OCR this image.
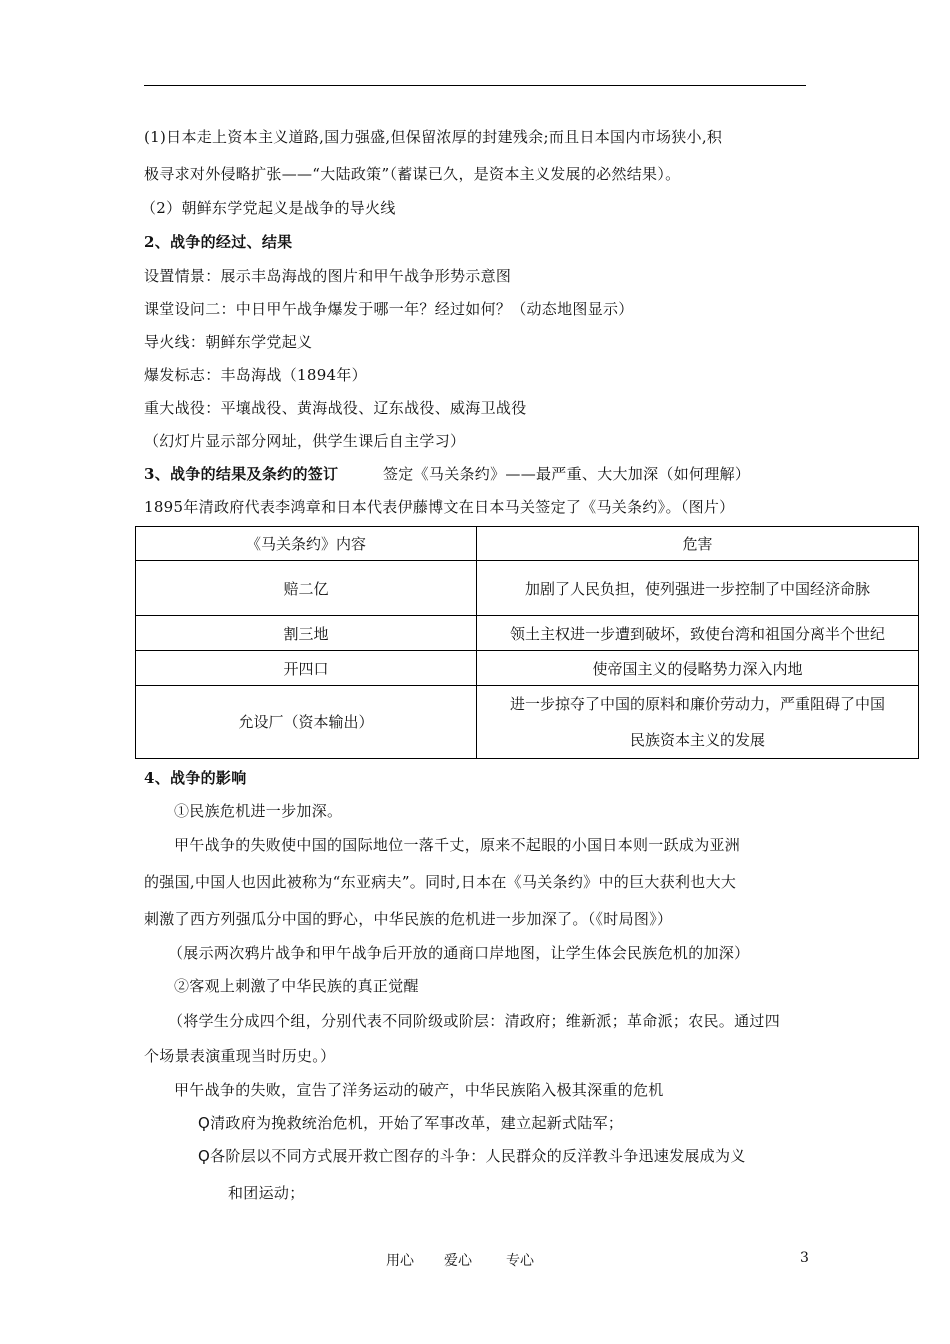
(1)日本走上资本主义道路,国力强盛,但保留浓厚的封建残余;而且日本国内市场狭小,积
极寻求对外侵略扩张——“大陆政策”（蓄谋已久，是资本主义发展的必然结果）。
（2）朝鲜东学党起义是战争的导火线
2、战争的经过、结果
设置情景：展示丰岛海战的图片和甲午战争形势示意图
课堂设问二：中日甲午战争爆发于哪一年？经过如何？（动态地图显示）
导火线：朝鲜东学党起义
爆发标志：丰岛海战（1894年）
重大战役：平壤战役、黄海战役、辽东战役、威海卫战役
（幻灯片显示部分网址，供学生课后自主学习）
3、战争的结果及条约的签订	签定《马关条约》——最严重、大大加深（如何理解）
1895年清政府代表李鸿章和日本代表伊藤博文在日本马关签定了《马关条约》。（图片）
《马关条约》内容	危害
赔二亿	加剧了人民负担，使列强进一步控制了中国经济命脉
割三地	领土主权进一步遭到破坏，致使台湾和祖国分离半个世纪
开四口	使帝国主义的侵略势力深入内地
允设厂（资本输出）	进一步掠夺了中国的原料和廉价劳动力，严重阻碍了中国
民族资本主义的发展
4、战争的影响
①民族危机进一步加深。
甲午战争的失败使中国的国际地位一落千丈，原来不起眼的小国日本则一跃成为亚洲
的强国,中国人也因此被称为“东亚病夫”。同时,日本在《马关条约》中的巨大获利也大大
刺激了西方列强瓜分中国的野心，中华民族的危机进一步加深了。（《时局图》）
（展示两次鸦片战争和甲午战争后开放的通商口岸地图，让学生体会民族危机的加深）
②客观上刺激了中华民族的真正觉醒
（将学生分成四个组，分别代表不同阶级或阶层：清政府；维新派；革命派；农民。通过四
个场景表演重现当时历史。）
甲午战争的失败，宣告了洋务运动的破产，中华民族陷入极其深重的危机
Ϙ清政府为挽救统治危机，开始了军事改革，建立起新式陆军；
Ϙ各阶层以不同方式展开救亡图存的斗争：人民群众的反洋教斗争迅速发展成为义
和团运动；
用心 爱心 专心	3
